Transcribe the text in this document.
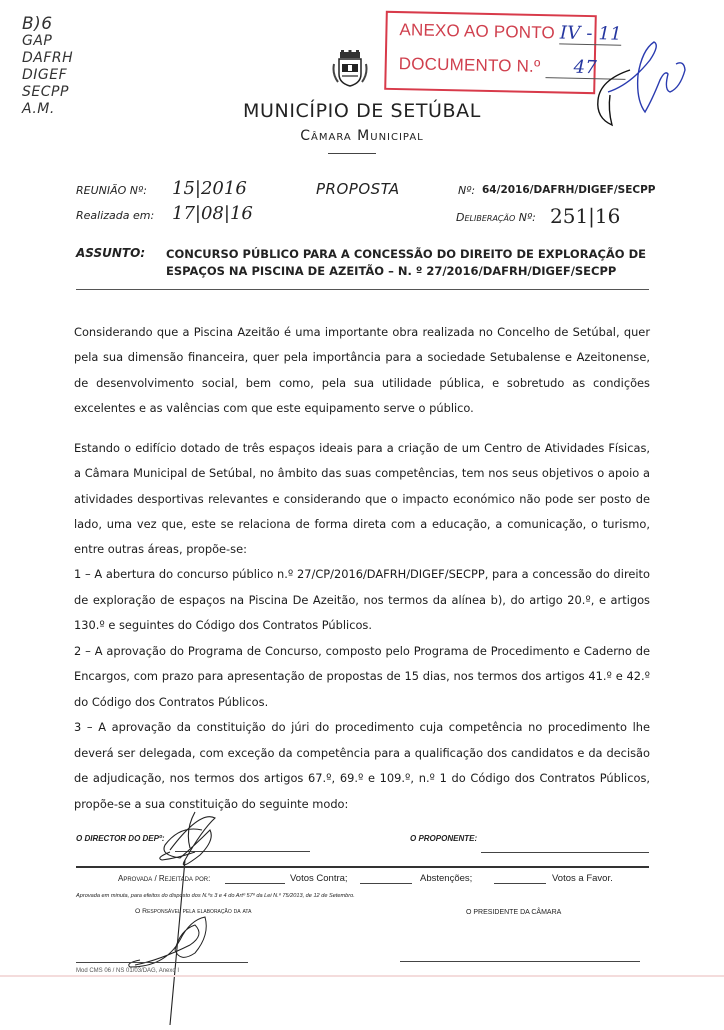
B)6
GAP
DAFRH
DIGEF
SECPP
A.M.	MUNICÍPIO DE SETÚBAL
Câmara Municipal
ANEXO AO PONTO IV - 11
DOCUMENTO N.º 47
REUNIÃO Nº: 15|2016
Realizada em: 17|08|16
PROPOSTA	Nº: 64/2016/DAFRH/DIGEF/SECPP
Deliberação Nº: 251|16
ASSUNTO: CONCURSO PÚBLICO PARA A CONCESSÃO DO DIREITO DE EXPLORAÇÃO DE ESPAÇOS NA PISCINA DE AZEITÃO – N. º 27/2016/DAFRH/DIGEF/SECPP
Considerando que a Piscina Azeitão é uma importante obra realizada no Concelho de Setúbal, quer pela sua dimensão financeira, quer pela importância para a sociedade Setubalense e Azeitonense, de desenvolvimento social, bem como, pela sua utilidade pública, e sobretudo as condições excelentes e as valências com que este equipamento serve o público.
Estando o edifício dotado de três espaços ideais para a criação de um Centro de Atividades Físicas, a Câmara Municipal de Setúbal, no âmbito das suas competências, tem nos seus objetivos o apoio a atividades desportivas relevantes e considerando que o impacto económico não pode ser posto de lado, uma vez que, este se relaciona de forma direta com a educação, a comunicação, o turismo, entre outras áreas, propõe-se:

1 – A abertura do concurso público n.º 27/CP/2016/DAFRH/DIGEF/SECPP, para a concessão do direito de exploração de espaços na Piscina De Azeitão, nos termos da alínea b), do artigo 20.º, e artigos 130.º e seguintes do Código dos Contratos Públicos.

2 – A aprovação do Programa de Concurso, composto pelo Programa de Procedimento e Caderno de Encargos, com prazo para apresentação de propostas de 15 dias, nos termos dos artigos 41.º e 42.º do Código dos Contratos Públicos.

3 – A aprovação da constituição do júri do procedimento cuja competência no procedimento lhe deverá ser delegada, com exceção da competência para a qualificação dos candidatos e da decisão de adjudicação, nos termos dos artigos 67.º, 69.º e 109.º, n.º 1 do Código dos Contratos Públicos, propõe-se a sua constituição do seguinte modo:

O DIRECTOR DO DEPº:	O PROPONENTE:
Aprovada / Rejeitada por:	Votos Contra;	Abstenções;	Votos a Favor.
Aprovada em minuta, para efeitos do disposto dos N.ºs 3 e 4 do Artº 57º da Lei N.º 75/2013, de 12 de Setembro.
O Responsável pela elaboração da ata	O PRESIDENTE DA CÂMARA
Mod CMS 06 / NS 01/03/DAG, Anexo I
